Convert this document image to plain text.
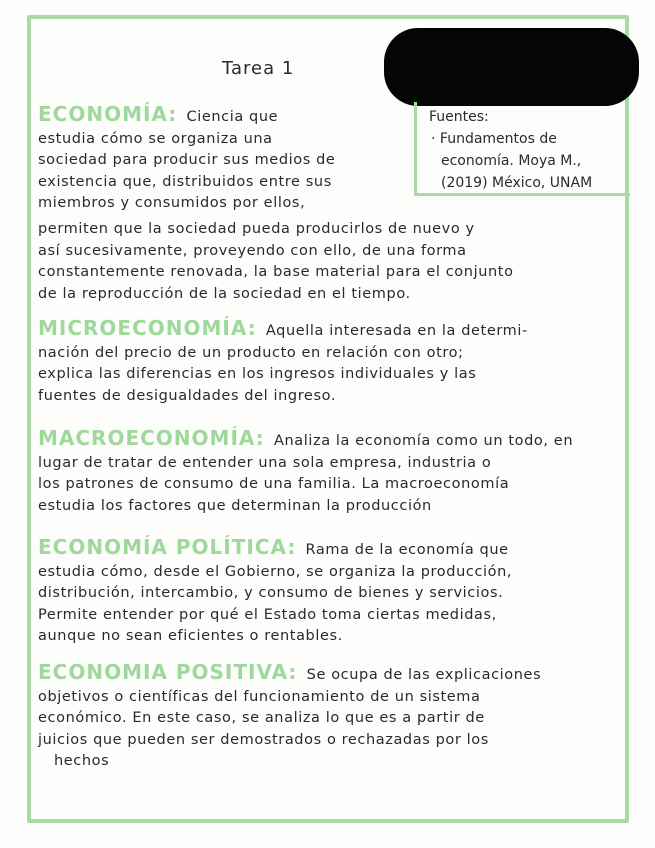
Tarea 1
Fuentes:
· Fundamentos de
economía. Moya M.,
(2019) México, UNAM
ECONOMÍA: Ciencia que
estudia cómo se organiza una
sociedad para producir sus medios de
existencia que, distribuidos entre sus
miembros y consumidos por ellos,
permiten que la sociedad pueda producirlos de nuevo y
así sucesivamente, proveyendo con ello, de una forma
constantemente renovada, la base material para el conjunto
de la reproducción de la sociedad en el tiempo.
MICROECONOMÍA: Aquella interesada en la determi-
nación del precio de un producto en relación con otro;
explica las diferencias en los ingresos individuales y las
fuentes de desigualdades del ingreso.
MACROECONOMÍA: Analiza la economía como un todo, en
lugar de tratar de entender una sola empresa, industria o
los patrones de consumo de una familia. La macroeconomía
estudia los factores que determinan la producción
ECONOMÍA POLÍTICA: Rama de la economía que
estudia cómo, desde el Gobierno, se organiza la producción,
distribución, intercambio, y consumo de bienes y servicios.
Permite entender por qué el Estado toma ciertas medidas,
aunque no sean eficientes o rentables.
ECONOMIA POSITIVA: Se ocupa de las explicaciones
objetivos o científicas del funcionamiento de un sistema
económico. En este caso, se analiza lo que es a partir de
juicios que pueden ser demostrados o rechazadas por los
hechos
